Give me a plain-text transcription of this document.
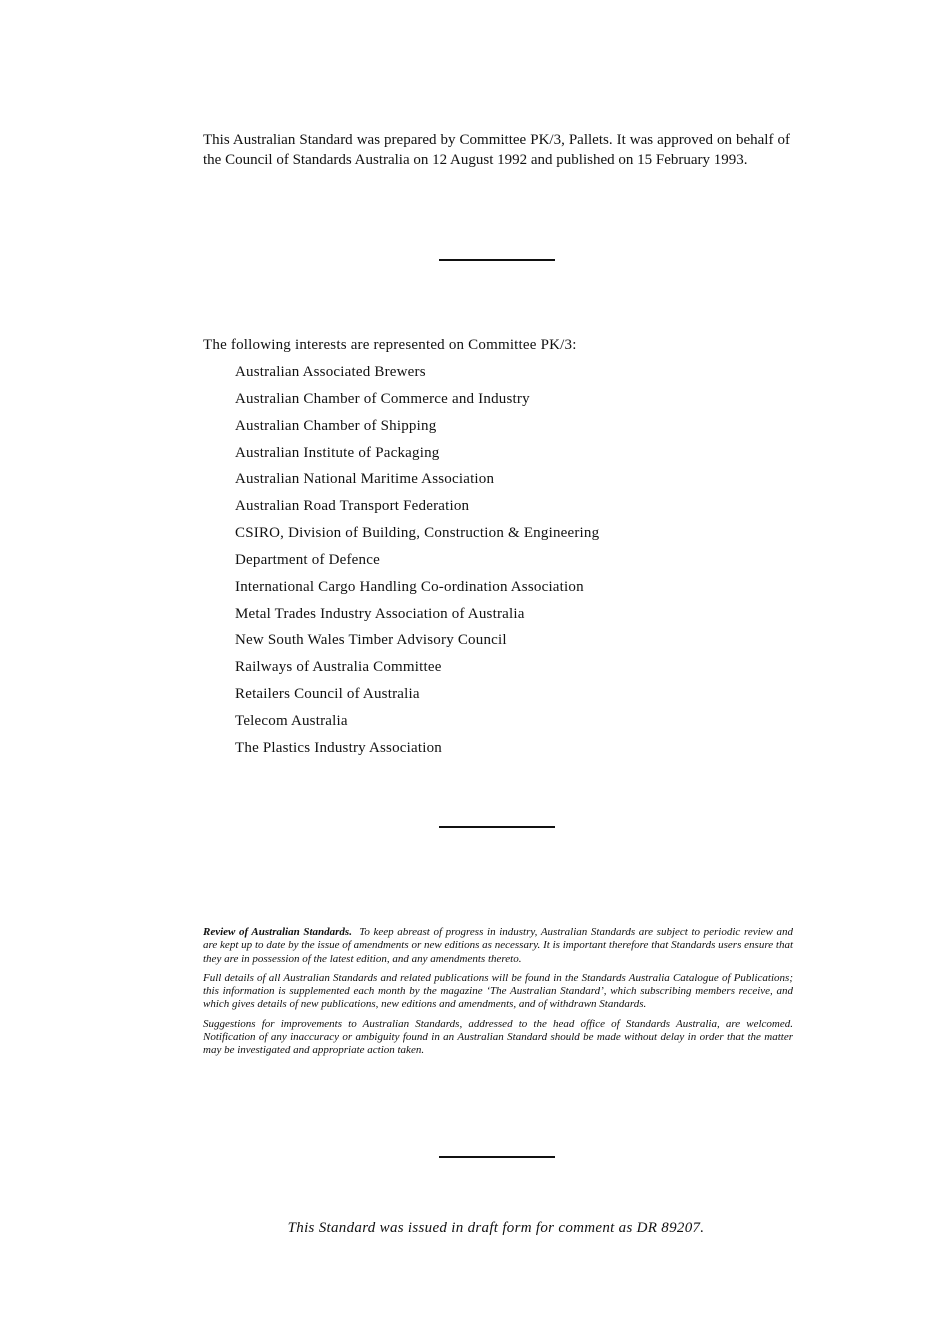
This Australian Standard was prepared by Committee PK/3, Pallets. It was approved on behalf of the Council of Standards Australia on 12 August 1992 and published on 15 February 1993.

The following interests are represented on Committee PK/3:

Australian Associated Brewers
Australian Chamber of Commerce and Industry
Australian Chamber of Shipping
Australian Institute of Packaging
Australian National Maritime Association
Australian Road Transport Federation
CSIRO, Division of Building, Construction & Engineering
Department of Defence
International Cargo Handling Co-ordination Association
Metal Trades Industry Association of Australia
New South Wales Timber Advisory Council
Railways of Australia Committee
Retailers Council of Australia
Telecom Australia
The Plastics Industry Association

Review of Australian Standards. To keep abreast of progress in industry, Australian Standards are subject to periodic review and are kept up to date by the issue of amendments or new editions as necessary. It is important therefore that Standards users ensure that they are in possession of the latest edition, and any amendments thereto.

Full details of all Australian Standards and related publications will be found in the Standards Australia Catalogue of Publications; this information is supplemented each month by the magazine ‘The Australian Standard’, which subscribing members receive, and which gives details of new publications, new editions and amendments, and of withdrawn Standards.

Suggestions for improvements to Australian Standards, addressed to the head office of Standards Australia, are welcomed. Notification of any inaccuracy or ambiguity found in an Australian Standard should be made without delay in order that the matter may be investigated and appropriate action taken.

This Standard was issued in draft form for comment as DR 89207.
